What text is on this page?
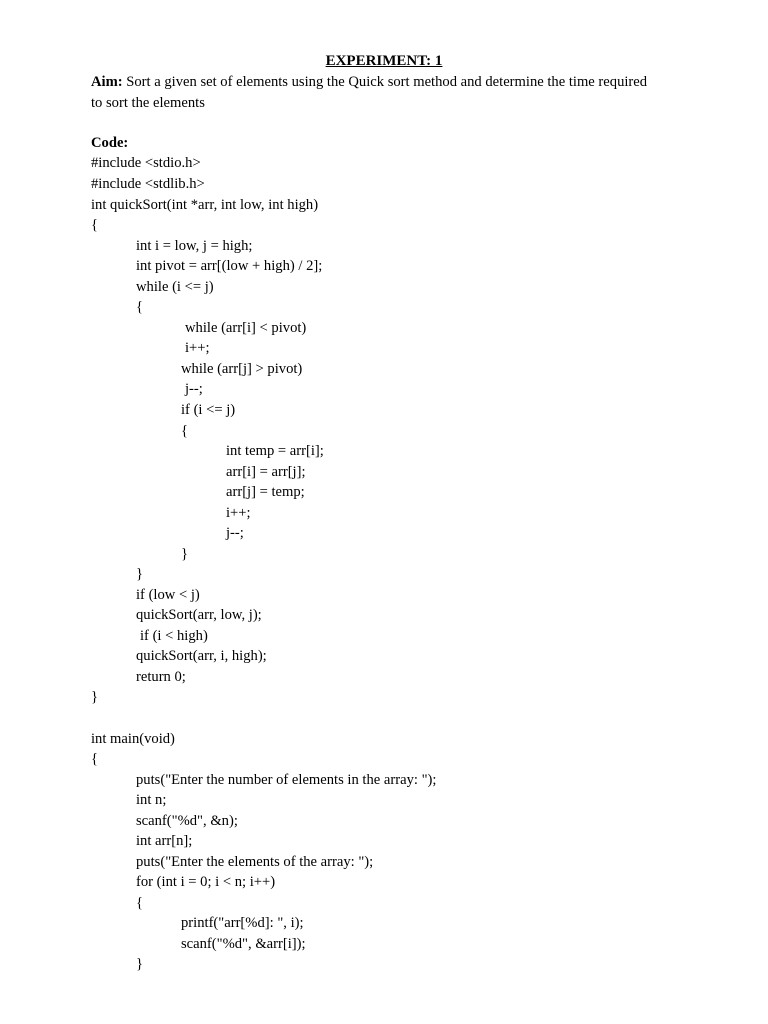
EXPERIMENT: 1
Aim: Sort a given set of elements using the Quick sort method and determine the time required
to sort the elements
Code:
#include <stdio.h>
#include <stdlib.h>
int quickSort(int *arr, int low, int high)
{
int i = low, j = high;
int pivot = arr[(low + high) / 2];
while (i <= j)
{
while (arr[i] < pivot)
i++;
while (arr[j] > pivot)
j--;
if (i <= j)
{
int temp = arr[i];
arr[i] = arr[j];
arr[j] = temp;
i++;
j--;
}
}
if (low < j)
quickSort(arr, low, j);
if (i < high)
quickSort(arr, i, high);
return 0;
}
int main(void)
{
puts("Enter the number of elements in the array: ");
int n;
scanf("%d", &n);
int arr[n];
puts("Enter the elements of the array: ");
for (int i = 0; i < n; i++)
{
printf("arr[%d]: ", i);
scanf("%d", &arr[i]);
}
